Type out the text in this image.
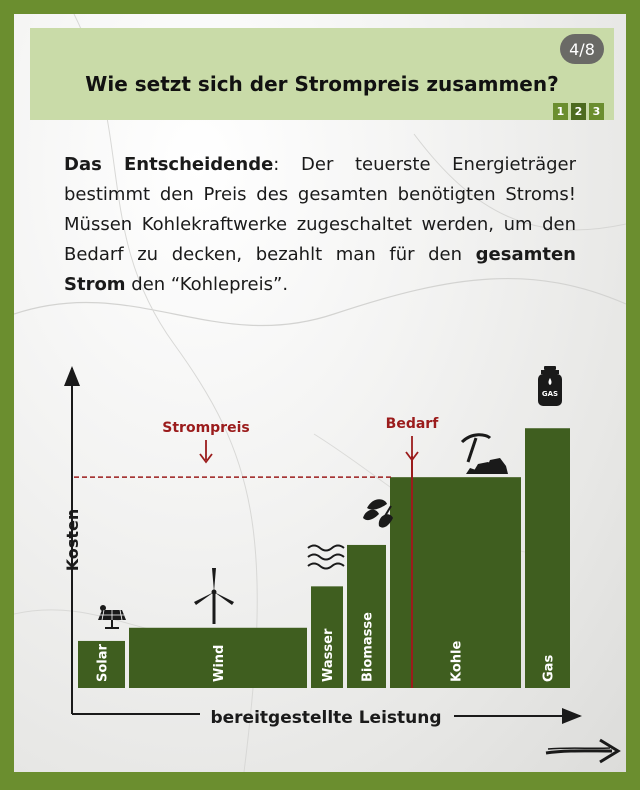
4/8
Wie setzt sich der Strompreis zusammen?
1 2 3

Das Entscheidende: Der teuerste Energieträger bestimmt den Preis des gesamten benötigten Stroms! Müssen Kohlekraftwerke zugeschaltet werden, um den Bedarf zu decken, bezahlt man für den gesamten Strom den “Kohlepreis”.

Solar	Wind	Wasser Biomasse	Kohle	Gas
bereitgestellte Leistung
Kosten
Strompreis	Bedarf
GAS
